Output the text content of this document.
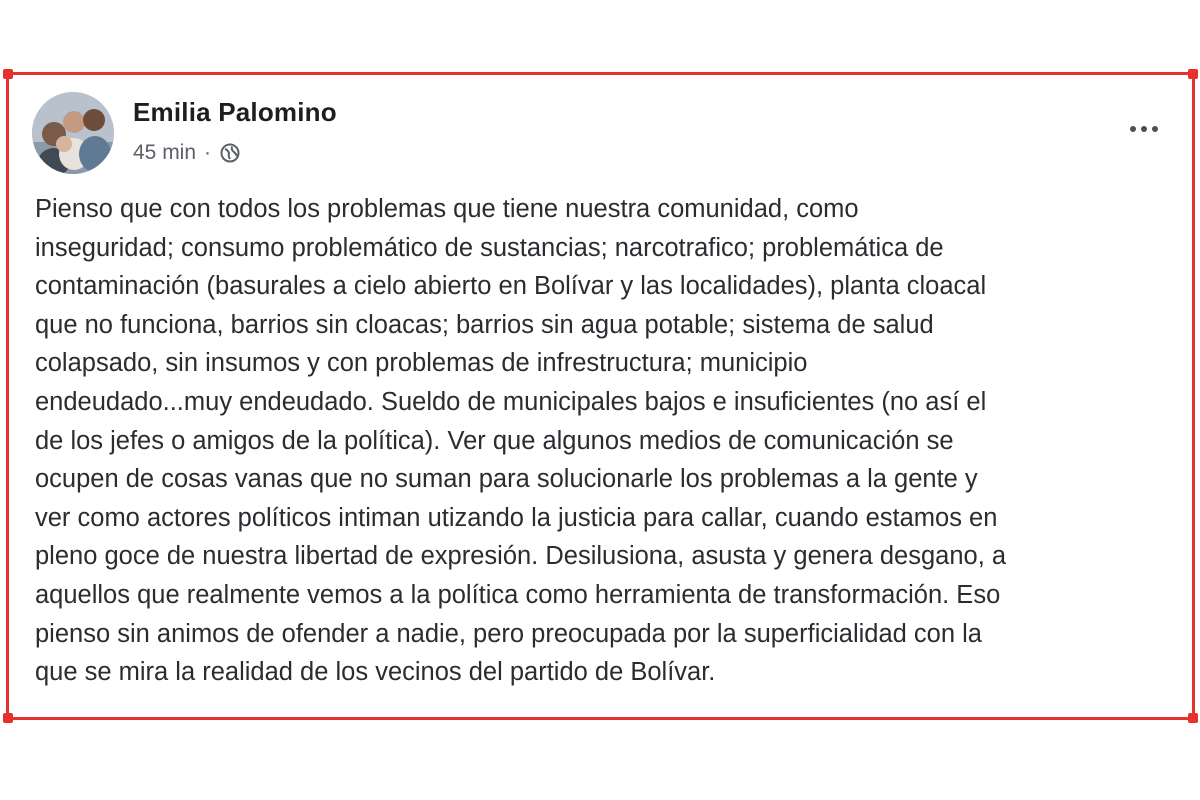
Emilia Palomino
45 min ·
Pienso que con todos los problemas que tiene nuestra comunidad, como
inseguridad; consumo problemático de sustancias; narcotrafico; problemática de
contaminación (basurales a cielo abierto en Bolívar y las localidades), planta cloacal
que no funciona, barrios sin cloacas; barrios sin agua potable; sistema de salud
colapsado, sin insumos y con problemas de infrestructura; municipio
endeudado...muy endeudado. Sueldo de municipales bajos e insuficientes (no así el
de los jefes o amigos de la política). Ver que algunos medios de comunicación se
ocupen de cosas vanas que no suman para solucionarle los problemas a la gente y
ver como actores políticos intiman utizando la justicia para callar, cuando estamos en
pleno goce de nuestra libertad de expresión. Desilusiona, asusta y genera desgano, a
aquellos que realmente vemos a la política como herramienta de transformación. Eso
pienso sin animos de ofender a nadie, pero preocupada por la superficialidad con la
que se mira la realidad de los vecinos del partido de Bolívar.
